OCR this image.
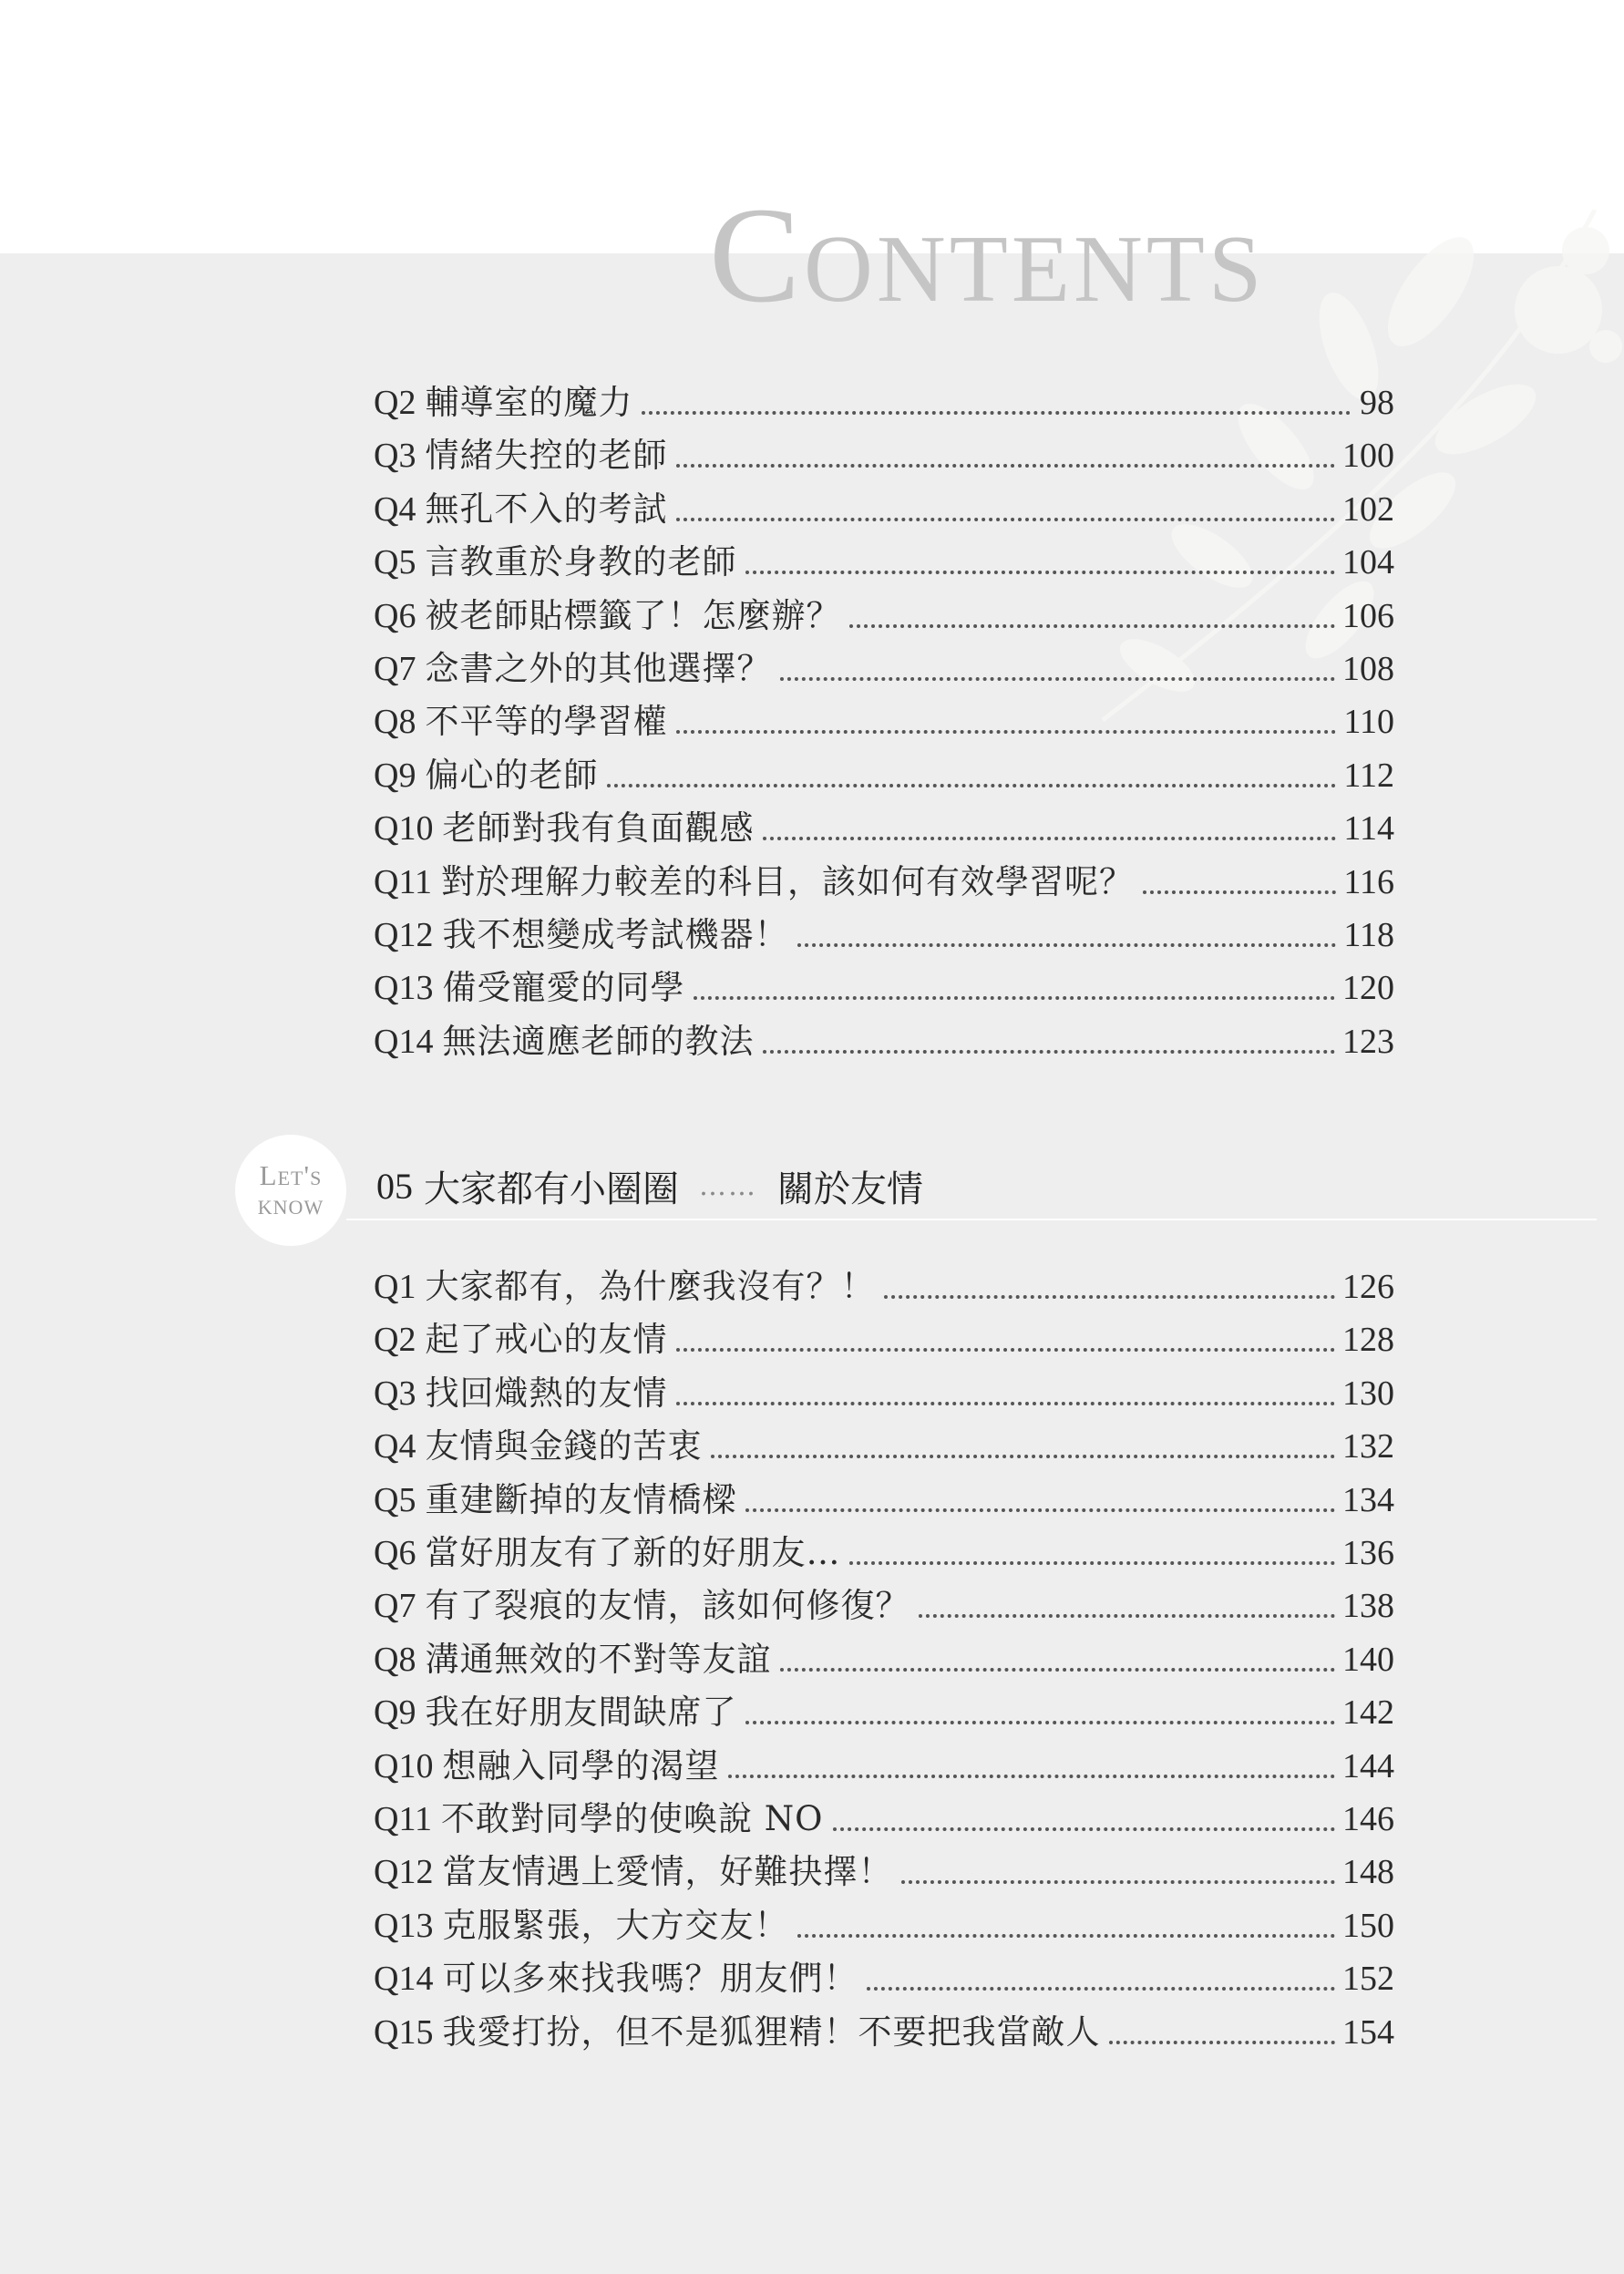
Contents
Q2 輔導室的魔力	98
Q3 情緒失控的老師	100
Q4 無孔不入的考試	102
Q5 言教重於身教的老師	104
Q6 被老師貼標籤了！怎麼辦？	106
Q7 念書之外的其他選擇？	108
Q8 不平等的學習權	110
Q9 偏心的老師	112
Q10 老師對我有負面觀感	114
Q11 對於理解力較差的科目，該如何有效學習呢？	116
Q12 我不想變成考試機器！	118
Q13 備受寵愛的同學	120
Q14 無法適應老師的教法	123
Let's
know 05 大家都有小圈圈 …… 關於友情
Q1 大家都有，為什麼我沒有？！	126
Q2 起了戒心的友情	128
Q3 找回熾熱的友情	130
Q4 友情與金錢的苦衷	132
Q5 重建斷掉的友情橋樑	134
Q6 當好朋友有了新的好朋友…	136
Q7 有了裂痕的友情，該如何修復？	138
Q8 溝通無效的不對等友誼	140
Q9 我在好朋友間缺席了	142
Q10 想融入同學的渴望	144
Q11 不敢對同學的使喚說 NO	146
Q12 當友情遇上愛情，好難抉擇！	148
Q13 克服緊張，大方交友！	150
Q14 可以多來找我嗎？朋友們！	152
Q15 我愛打扮，但不是狐狸精！不要把我當敵人	154
